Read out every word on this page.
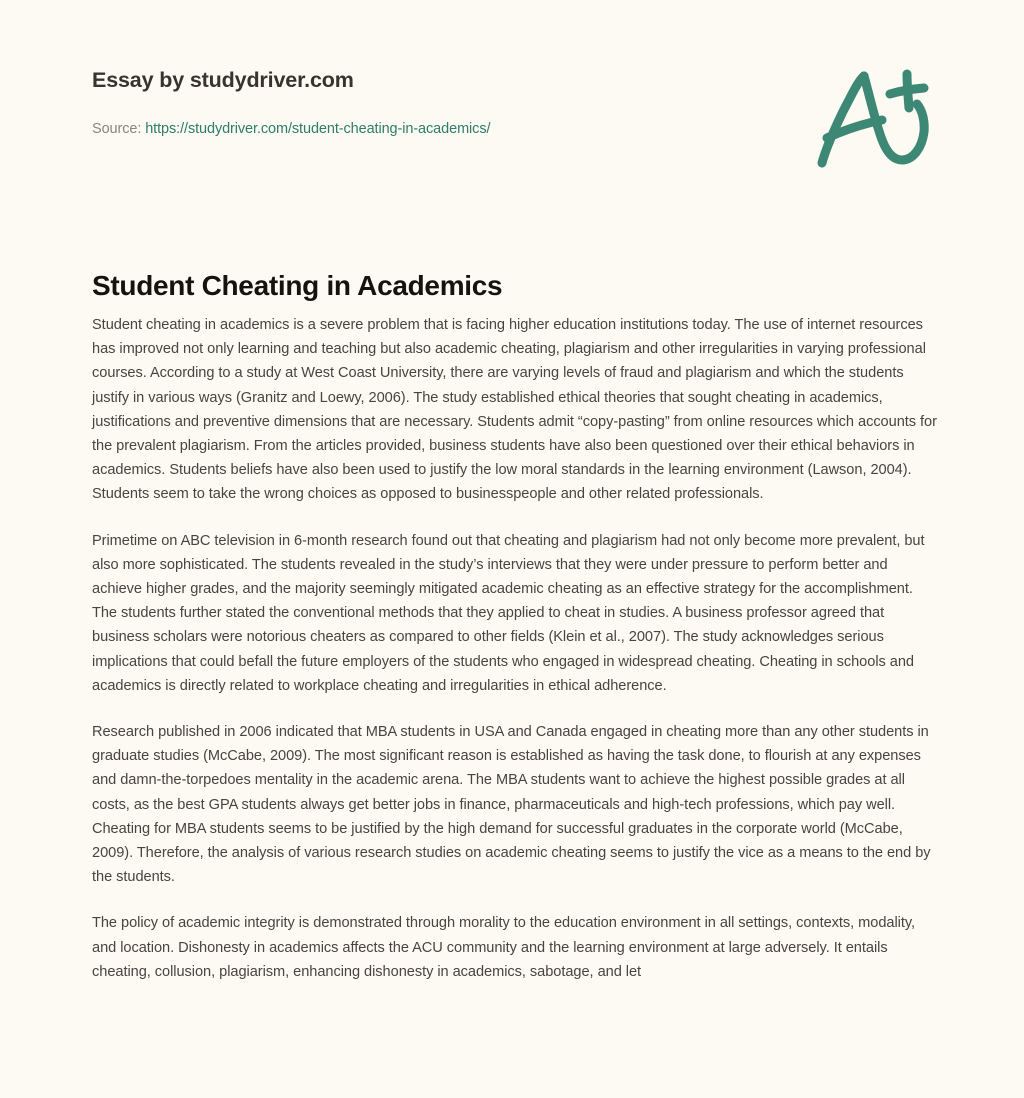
Essay by studydriver.com
Source: https://studydriver.com/student-cheating-in-academics/
Student Cheating in Academics

Student cheating in academics is a severe problem that is facing higher education institutions today. The use of internet resources has improved not only learning and teaching but also academic cheating, plagiarism and other irregularities in varying professional courses. According to a study at West Coast University, there are varying levels of fraud and plagiarism and which the students justify in various ways (Granitz and Loewy, 2006). The study established ethical theories that sought cheating in academics, justifications and preventive dimensions that are necessary. Students admit “copy-pasting” from online resources which accounts for the prevalent plagiarism. From the articles provided, business students have also been questioned over their ethical behaviors in academics. Students beliefs have also been used to justify the low moral standards in the learning environment (Lawson, 2004). Students seem to take the wrong choices as opposed to businesspeople and other related professionals.

Primetime on ABC television in 6-month research found out that cheating and plagiarism had not only become more prevalent, but also more sophisticated. The students revealed in the study’s interviews that they were under pressure to perform better and achieve higher grades, and the majority seemingly mitigated academic cheating as an effective strategy for the accomplishment. The students further stated the conventional methods that they applied to cheat in studies. A business professor agreed that business scholars were notorious cheaters as compared to other fields (Klein et al., 2007). The study acknowledges serious implications that could befall the future employers of the students who engaged in widespread cheating. Cheating in schools and academics is directly related to workplace cheating and irregularities in ethical adherence.

Research published in 2006 indicated that MBA students in USA and Canada engaged in cheating more than any other students in graduate studies (McCabe, 2009). The most significant reason is established as having the task done, to flourish at any expenses and damn-the-torpedoes mentality in the academic arena. The MBA students want to achieve the highest possible grades at all costs, as the best GPA students always get better jobs in finance, pharmaceuticals and high-tech professions, which pay well. Cheating for MBA students seems to be justified by the high demand for successful graduates in the corporate world (McCabe, 2009). Therefore, the analysis of various research studies on academic cheating seems to justify the vice as a means to the end by the students.

The policy of academic integrity is demonstrated through morality to the education environment in all settings, contexts, modality, and location. Dishonesty in academics affects the ACU community and the learning environment at large adversely. It entails cheating, collusion, plagiarism, enhancing dishonesty in academics, sabotage, and let
